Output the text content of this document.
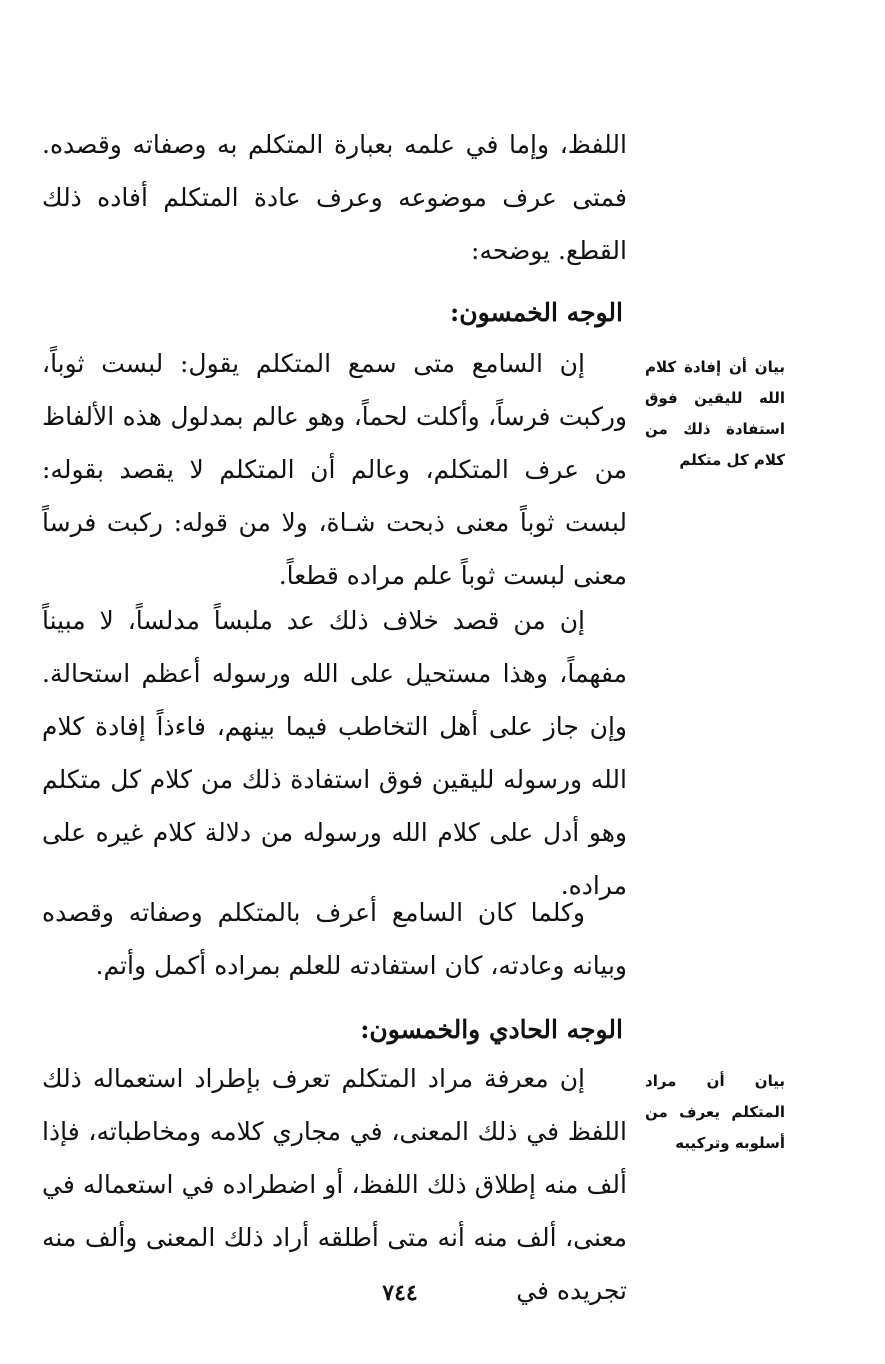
اللفظ، وإما في علمه بعبارة المتكلم به وصفاته وقصده. فمتى عرف موضوعه وعرف عادة المتكلم أفاده ذلك القطع. يوضحه:

الوجه الخمسون:
بيان أن إفادة كلام الله لليقين فوق استفادة ذلك من كلام كل متكلم

إن السامع متى سمع المتكلم يقول: لبست ثوباً، وركبت فرساً، وأكلت لحماً، وهو عالم بمدلول هذه الألفاظ من عرف المتكلم، وعالم أن المتكلم لا يقصد بقوله: لبست ثوباً معنى ذبحت شـاة، ولا من قوله: ركبت فرساً معنى لبست ثوباً علم مراده قطعاً.

إن من قصد خلاف ذلك عد ملبساً مدلساً، لا مبيناً مفهماً، وهذا مستحيل على الله ورسوله أعظم استحالة. وإن جاز على أهل التخاطب فيما بينهم، فاءذاً إفادة كلام الله ورسوله لليقين فوق استفادة ذلك من كلام كل متكلم وهو أدل على كلام الله ورسوله من دلالة كلام غيره على مراده.

وكلما كان السامع أعرف بالمتكلم وصفاته وقصده وبيانه وعادته، كان استفادته للعلم بمراده أكمل وأتم.

الوجه الحادي والخمسون:
بيان أن مراد المتكلم يعرف من أسلوبه وتركيبه

إن معرفة مراد المتكلم تعرف بإطراد استعماله ذلك اللفظ في ذلك المعنى، في مجاري كلامه ومخاطباته، فإذا ألف منه إطلاق ذلك اللفظ، أو اضطراده في استعماله في معنى، ألف منه أنه متى أطلقه أراد ذلك المعنى وألف منه تجريده في

٧٤٤
